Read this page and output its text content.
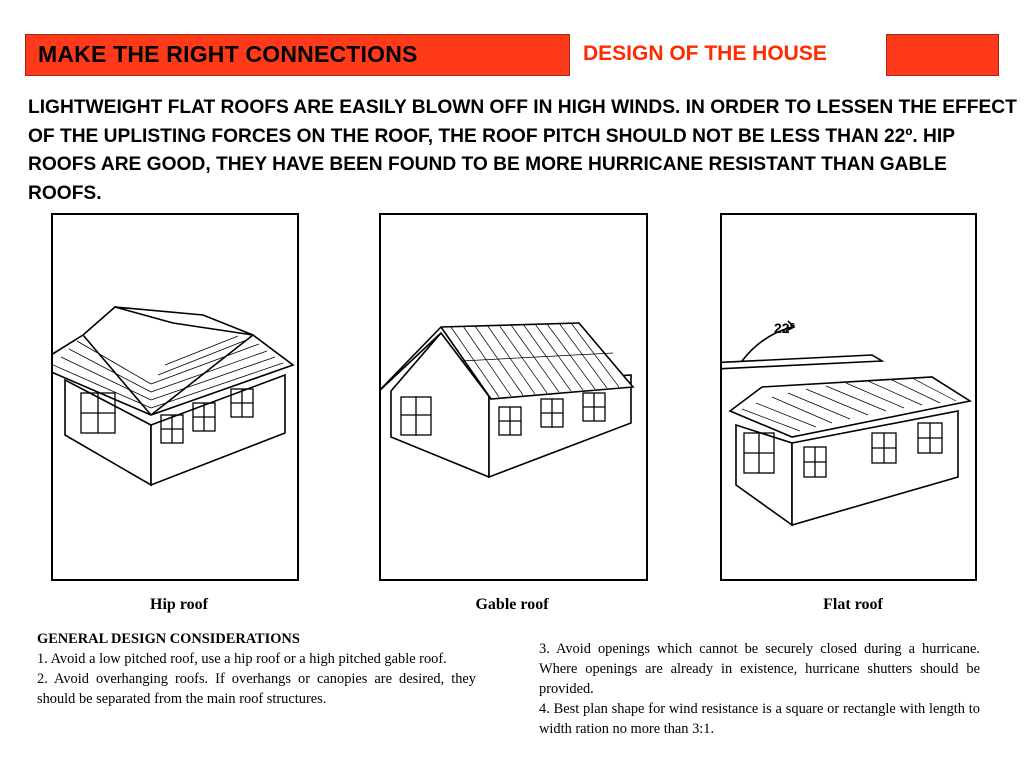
MAKE THE RIGHT CONNECTIONS	DESIGN OF THE HOUSE
LIGHTWEIGHT FLAT ROOFS ARE EASILY BLOWN OFF IN HIGH WINDS. IN ORDER TO LESSEN THE EFFECT OF THE UPLISTING FORCES ON THE ROOF, THE ROOF PITCH SHOULD NOT BE LESS THAN 22º. HIP ROOFS ARE GOOD, THEY HAVE BEEN FOUND TO BE MORE HURRICANE RESISTANT THAN GABLE ROOFS.
22°
Hip roof	Gable roof	Flat roof

GENERAL DESIGN CONSIDERATIONS

1. Avoid a low pitched roof, use a hip roof or a high pitched gable roof.

2. Avoid overhanging roofs. If overhangs or canopies are desired, they should be separated from the main roof structures.

3. Avoid openings which cannot be securely closed during a hurricane. Where openings are already in existence, hurricane shutters should be provided.

4. Best plan shape for wind resistance is a square or rectangle with length to width ration no more than 3:1.
